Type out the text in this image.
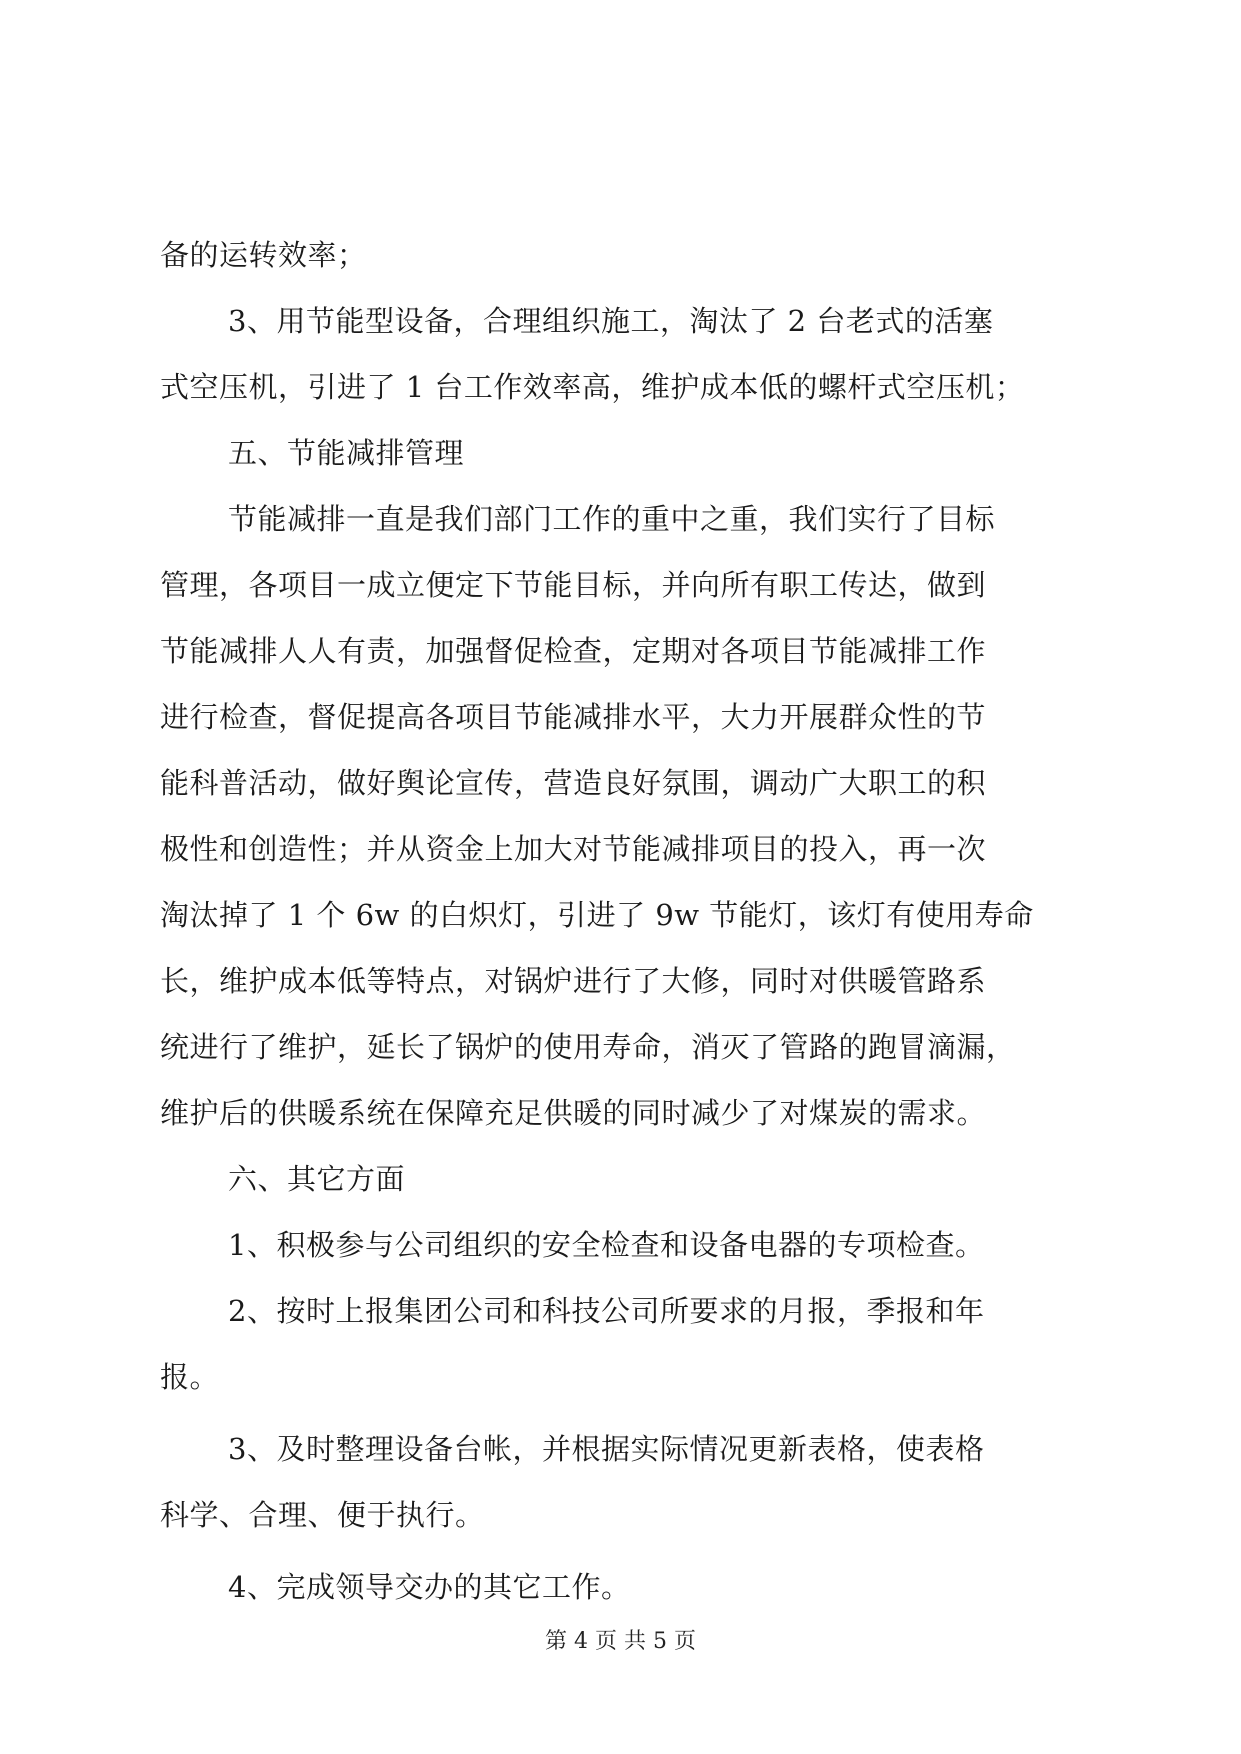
备的运转效率；
3、用节能型设备，合理组织施工，淘汰了 2 台老式的活塞
式空压机，引进了 1 台工作效率高，维护成本低的螺杆式空压机；
五、节能减排管理
节能减排一直是我们部门工作的重中之重，我们实行了目标
管理，各项目一成立便定下节能目标，并向所有职工传达，做到
节能减排人人有责，加强督促检查，定期对各项目节能减排工作
进行检查，督促提高各项目节能减排水平，大力开展群众性的节
能科普活动，做好舆论宣传，营造良好氛围，调动广大职工的积
极性和创造性；并从资金上加大对节能减排项目的投入，再一次
淘汰掉了 1 个 6w 的白炽灯，引进了 9w 节能灯，该灯有使用寿命
长，维护成本低等特点，对锅炉进行了大修，同时对供暖管路系
统进行了维护，延长了锅炉的使用寿命，消灭了管路的跑冒滴漏，
维护后的供暖系统在保障充足供暖的同时减少了对煤炭的需求。
六、其它方面
1、积极参与公司组织的安全检查和设备电器的专项检查。
2、按时上报集团公司和科技公司所要求的月报，季报和年
报。
3、及时整理设备台帐，并根据实际情况更新表格，使表格
科学、合理、便于执行。
4、完成领导交办的其它工作。
第 4 页 共 5 页
